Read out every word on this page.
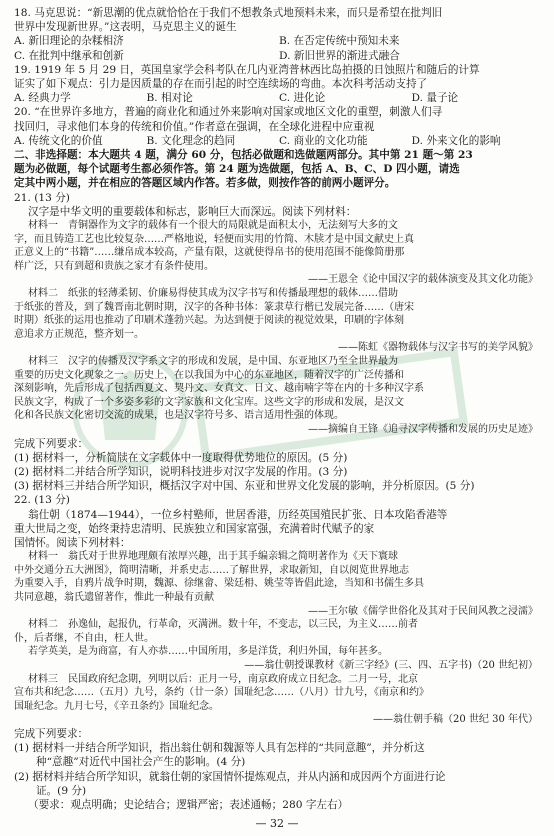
18. 马克思说：“新思潮的优点就恰恰在于我们不想教条式地预料未来，而只是希望在批判旧
世界中发现新世界。”这表明，马克思主义的诞生
A. 新旧理论的杂糅相济	B. 在否定传统中预知未来
C. 在批判中继承和创新	D. 新旧世界的渐进式融合
19. 1919 年 5 月 29 日，英国皇家学会科考队在几内亚湾普林西比岛拍摄的日蚀照片和随后的计算
证实了如下观点：引力是因质量的存在而引起的时空连续场的弯曲。本次科考活动支持了
A. 经典力学	B. 相对论	C. 进化论	D. 量子论
20. “在世界许多地方，普遍的商业化和通过外来影响对国家或地区文化的重塑，刺激人们寻
找回归，寻求他们本身的传统和价值。”作者意在强调，在全球化进程中应重视
A. 传统文化的价值	B. 文化理念的趋同	C. 商业的文化功能	D. 外来文化的影响
二、非选择题：本大题共 4 题，满分 60 分，包括必做题和选做题两部分。其中第 21 题～第 23
题为必做题，每个试题考生都必须作答。第 24 题为选做题，包括 A、B、C、D 四小题，请选
定其中两小题，并在相应的答题区域内作答。若多做，则按作答的前两小题评分。
21. (13 分)
汉字是中华文明的重要载体和标志，影响巨大而深远。阅读下列材料：
材料一　青铜器作为文字的载体有一个很大的局限就是面积太小，无法刻写大多的文
字，而且铸造工艺也比较复杂……严格地说，轻便而实用的竹简、木牍才是中国文献史上真
正意义上的“书籍”……缣帛成本较高，产量有限，这就使得帛书的使用范围不能像简册那
样广泛，只有到超和贵族之家才有条件使用。
——王恩全《论中国汉字的载体演变及其文化功能》
材料二　纸张的轻薄柔韧、价廉易得使其成为汉字书写和传播最理想的载体……借助
于纸张的普及，到了魏晋南北朝时期，汉字的各种书体：篆隶草行楷已发展完备……（唐宋
时期）纸张的运用也推动了印刷术蓬勃兴起。为达到便于阅读的视觉效果，印刷的字体刻
意追求方正规范，整齐划一。
——陈虹《器物载体与汉字书写的美学风貌》
材料三　汉字的传播及汉字系文字的形成和发展，是中国、东亚地区乃至全世界最为
重要的历史文化现象之一。历史上，在以我国为中心的东亚地区，随着汉字的广泛传播和
深刻影响，先后形成了包括西夏文、契丹文、女真文、日文、越南喃字等在内的十多种汉字系
民族文字，构成了一个多姿多彩的文字家族和文化宝库。这些文字的形成和发展，是汉文
化和各民族文化密切交流的成果，也是汉字符号多、语言适用性强的体现。
——摘编自王锋《追寻汉字传播和发展的历史足迹》
完成下列要求：
(1) 据材料一，分析简牍在文字载体中一度取得优势地位的原因。(5 分)
(2) 据材料二并结合所学知识，说明科技进步对汉字发展的作用。(3 分)
(3) 据材料三并结合所学知识，概括汉字对中国、东亚和世界文化发展的影响，并分析原因。(5 分)
22. (13 分)
翁仕朝（1874—1944），一位乡村塾师，世居香港，历经英国殖民扩张、日本攻陷香港等
重大世局之变，始终秉持忠清明、民族独立和国家富强，充满着时代赋予的家
国情怀。阅读下列材料：
材料一　翁氏对于世界地理颇有浓厚兴趣，出于其手编亲辑之简明著作为《天下寰球
中外交通分五大洲图》，简明清晰，并系史志……了解世界，求取新知，自以阅览世界地志
为重要入手，自鸦片战争时期，魏源、徐继畲、梁廷枏、姚莹等皆倡此途，当知和书儒生多具
共同意趣，翁氏遗留著作，惟此一种最有贡献
——王尔敏《儒学世俗化及其对于民间风教之浸濡》
材料二　孙逸仙，起报仇，行革命，灭满洲。数十年，不变志，以三民，为主义……前者
仆，后者继，不自由，枉人世。
若学英美，是为商富，有人亦恭……中国所用，多是洋货，利归外国，每年甚多。
——翁仕朝授课教材《新三字经》(三、四、五字书)（20 世纪初）
材料三　民国政府纪念期，列明以后：正月一号，南京政府成立日纪念。二月一号，北京
宣布共和纪念……（五月）九号，条约（廿一条）国耻纪念……（八月）廿九号，《南京和约》
国耻纪念。九月七号，《辛丑条约》国耻纪念。
——翁仕朝手稿（20 世纪 30 年代）
完成下列要求：
(1) 据材料一并结合所学知识，指出翁仕朝和魏源等人具有怎样的“共同意趣”，并分析这
种“意趣”对近代中国社会产生的影响。(4 分)
(2) 据材料并结合所学知识，就翁仕朝的家国情怀提炼观点，并从内涵和成因两个方面进行论
证。(9 分)
（要求：观点明确；史论结合；逻辑严密；表述通畅；280 字左右）
— 32 —
